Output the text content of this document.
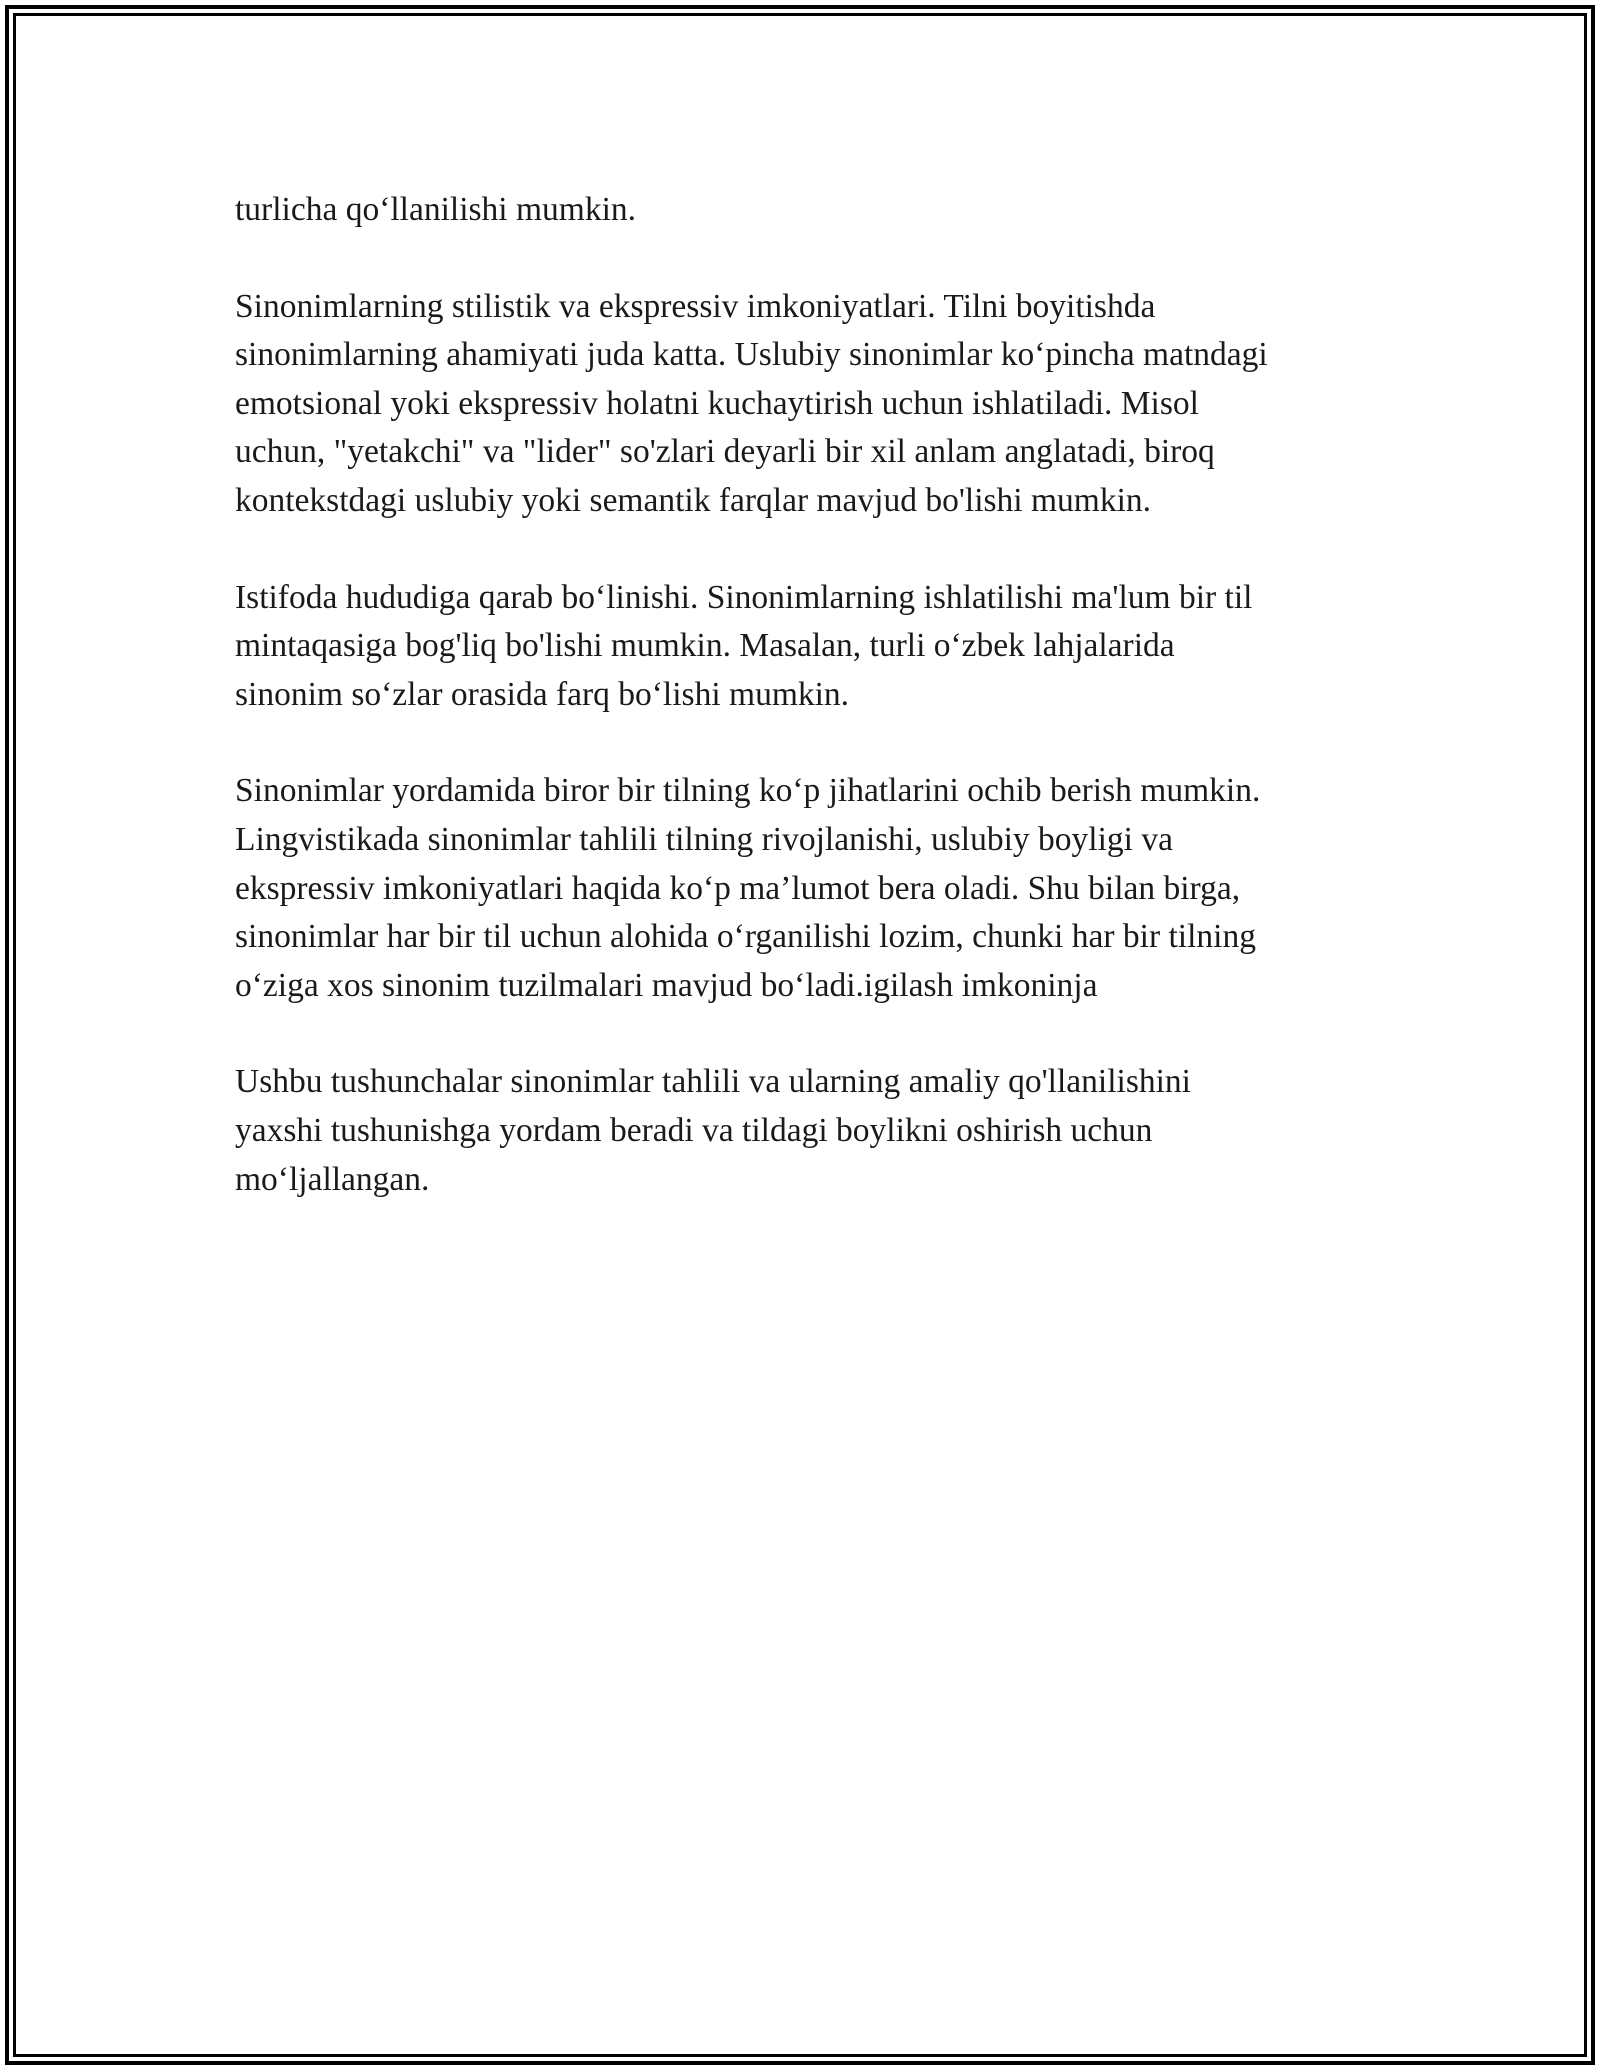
turlicha qo‘llanilishi mumkin.

Sinonimlarning stilistik va ekspressiv imkoniyatlari. Tilni boyitishda
sinonimlarning ahamiyati juda katta. Uslubiy sinonimlar ko‘pincha matndagi
emotsional yoki ekspressiv holatni kuchaytirish uchun ishlatiladi. Misol
uchun, "yetakchi" va "lider" so'zlari deyarli bir xil anlam anglatadi, biroq
kontekstdagi uslubiy yoki semantik farqlar mavjud bo'lishi mumkin.

Istifoda hududiga qarab bo‘linishi. Sinonimlarning ishlatilishi ma'lum bir til
mintaqasiga bog'liq bo'lishi mumkin. Masalan, turli o‘zbek lahjalarida
sinonim so‘zlar orasida farq bo‘lishi mumkin.

Sinonimlar yordamida biror bir tilning ko‘p jihatlarini ochib berish mumkin.
Lingvistikada sinonimlar tahlili tilning rivojlanishi, uslubiy boyligi va
ekspressiv imkoniyatlari haqida ko‘p ma’lumot bera oladi. Shu bilan birga,
sinonimlar har bir til uchun alohida o‘rganilishi lozim, chunki har bir tilning
o‘ziga xos sinonim tuzilmalari mavjud bo‘ladi.igilash imkoninja

Ushbu tushunchalar sinonimlar tahlili va ularning amaliy qo'llanilishini
yaxshi tushunishga yordam beradi va tildagi boylikni oshirish uchun
mo‘ljallangan.
